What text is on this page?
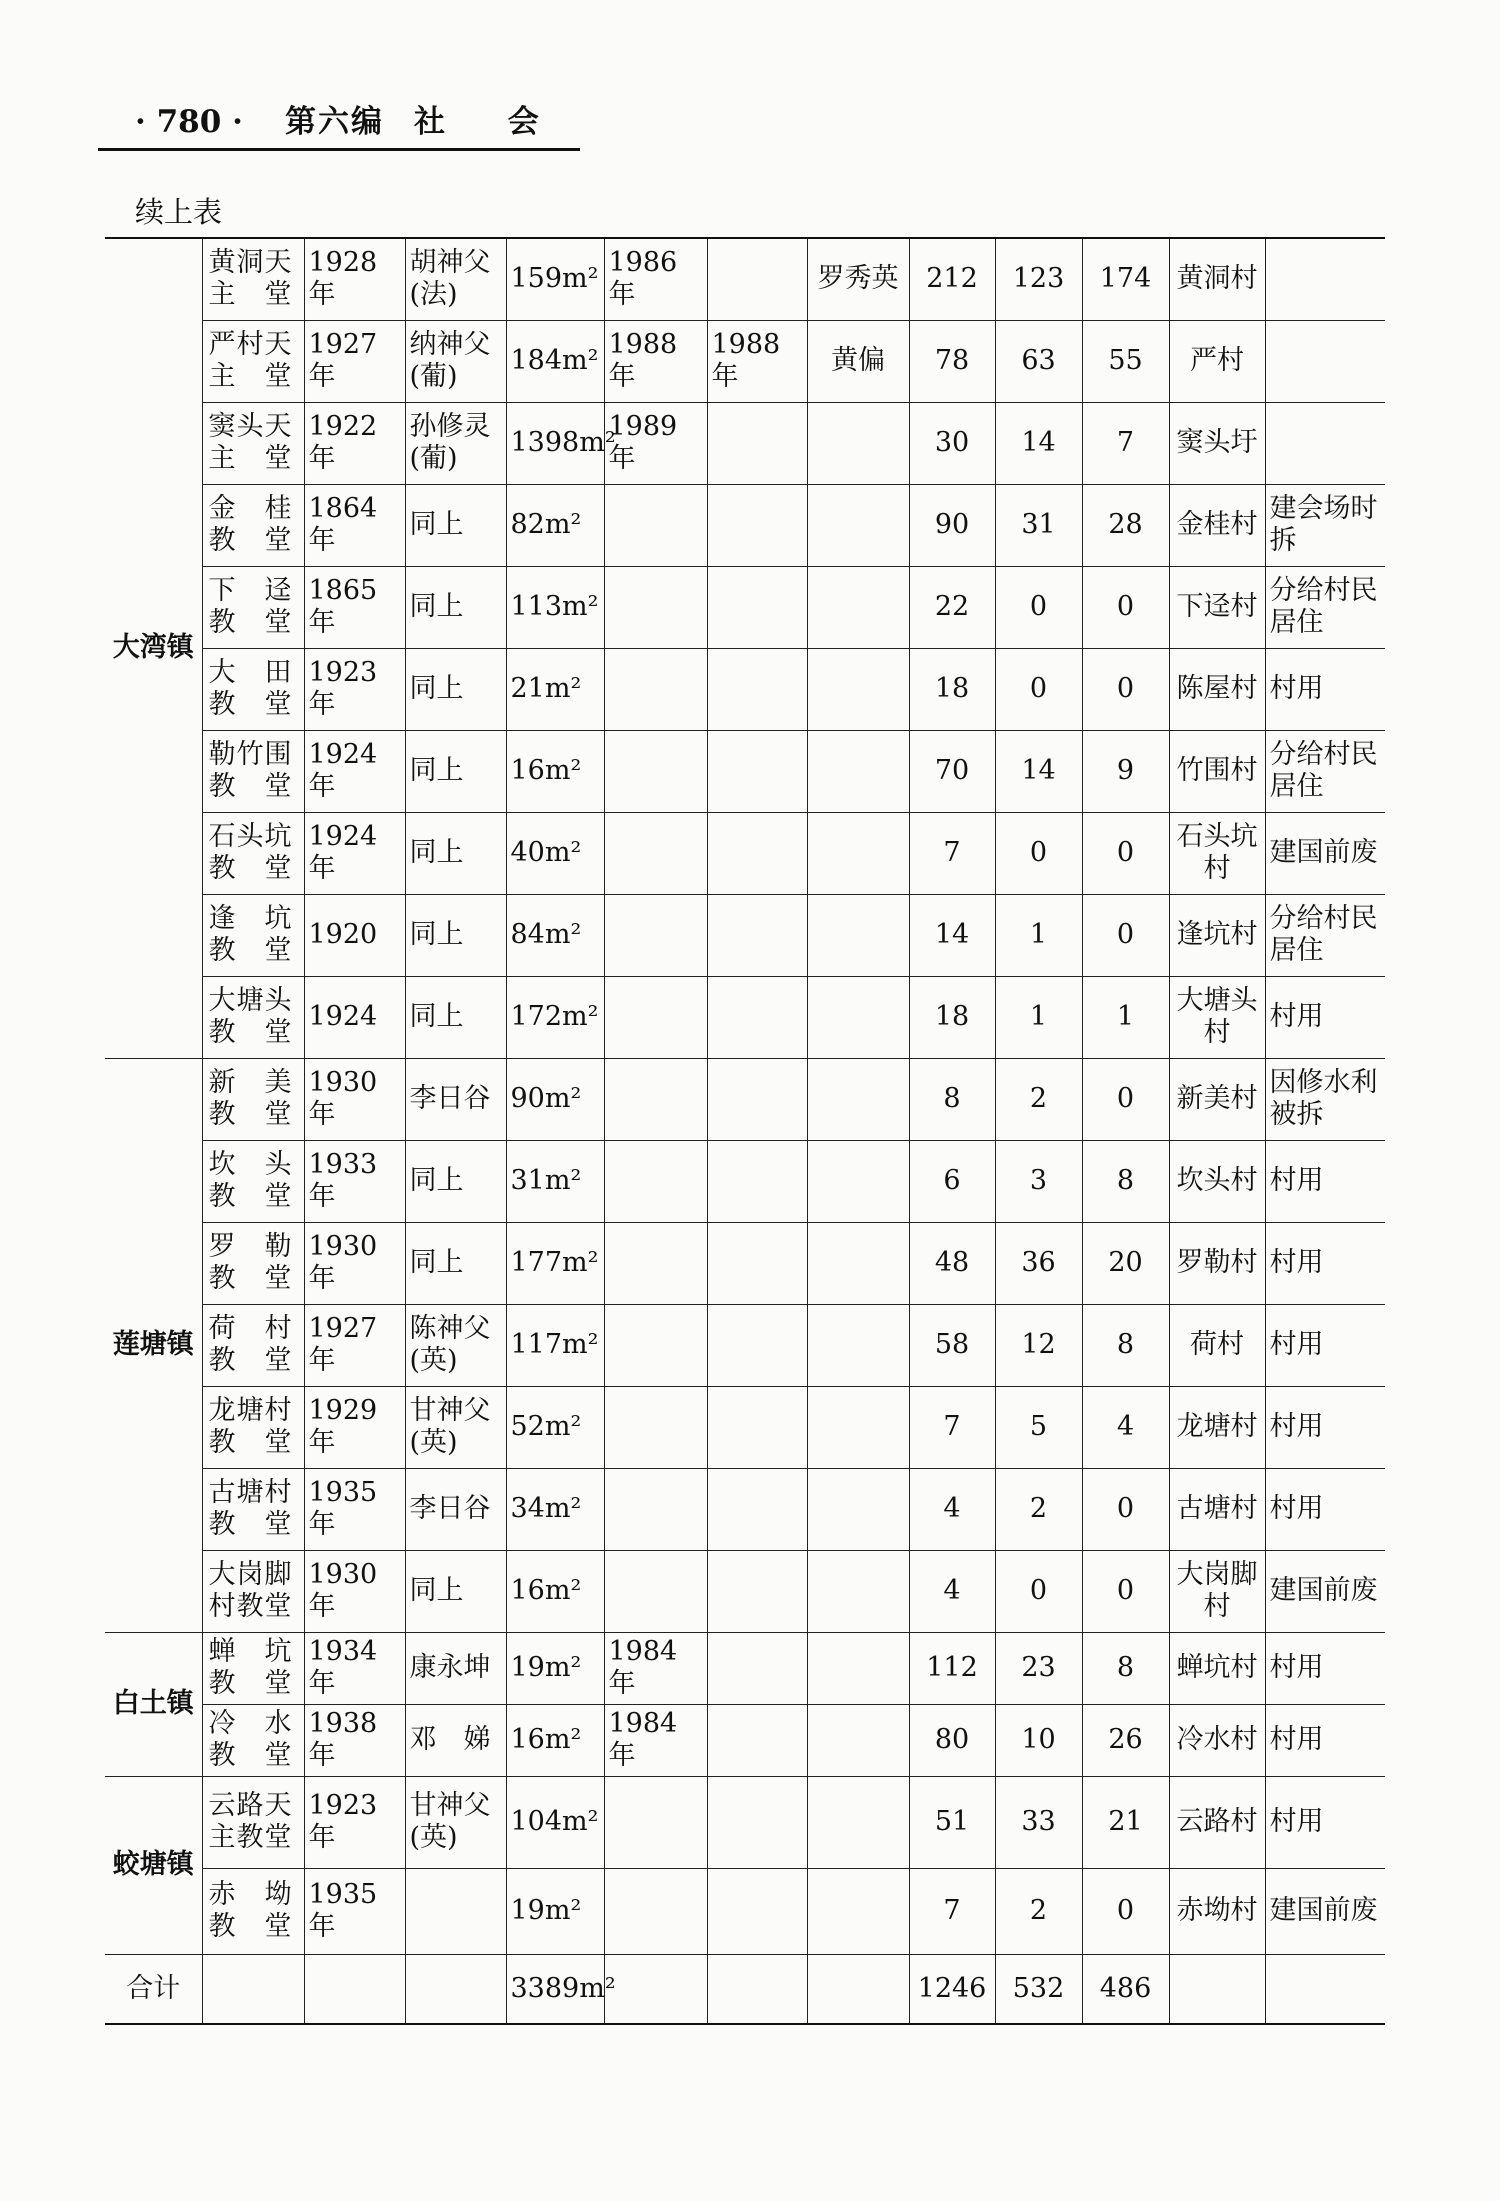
· 780 · 第六编 社 会
续上表
大湾镇	黄洞天主　堂	1928 年	胡神父(法)	159m²	1986 年		罗秀英	212	123	174	黄洞村	
	严村天主　堂	1927 年	纳神父(葡)	184m²	1988 年	1988 年	黄偏	78	63	55	严村	
	窦头天主　堂	1922 年	孙修灵(葡)	1398m²	1989 年			30	14	7	窦头圩	
	金　桂教　堂	1864 年	同上	82m²				90	31	28	金桂村	建会场时拆
	下　迳教　堂	1865 年	同上	113m²				22	0	0	下迳村	分给村民居住
	大　田教　堂	1923 年	同上	21m²				18	0	0	陈屋村	村用
	勒竹围教　堂	1924 年	同上	16m²				70	14	9	竹围村	分给村民居住
	石头坑教　堂	1924 年	同上	40m²				7	0	0	石头坑村	建国前废
	逢　坑教　堂	1920	同上	84m²				14	1	0	逢坑村	分给村民居住
	大塘头教　堂	1924	同上	172m²				18	1	1	大塘头村	村用
莲塘镇	新　美教　堂	1930 年	李日谷	90m²				8	2	0	新美村	因修水利被拆
	坎　头教　堂	1933 年	同上	31m²				6	3	8	坎头村	村用
	罗　勒教　堂	1930 年	同上	177m²				48	36	20	罗勒村	村用
	荷　村教　堂	1927 年	陈神父(英)	117m²				58	12	8	荷村	村用
	龙塘村教　堂	1929 年	甘神父(英)	52m²				7	5	4	龙塘村	村用
	古塘村教　堂	1935 年	李日谷	34m²				4	2	0	古塘村	村用
	大岗脚村教堂	1930 年	同上	16m²				4	0	0	大岗脚村	建国前废
白土镇	蝉　坑教　堂	1934 年	康永坤	19m²	1984 年			112	23	8	蝉坑村	村用
	冷　水教　堂	1938 年	邓　娣	16m²	1984 年			80	10	26	冷水村	村用
蛟塘镇	云路天主教堂	1923 年	甘神父(英)	104m²				51	33	21	云路村	村用
	赤　坳教　堂	1935 年		19m²				7	2	0	赤坳村	建国前废
合计				3389m²				1246	532	486		
